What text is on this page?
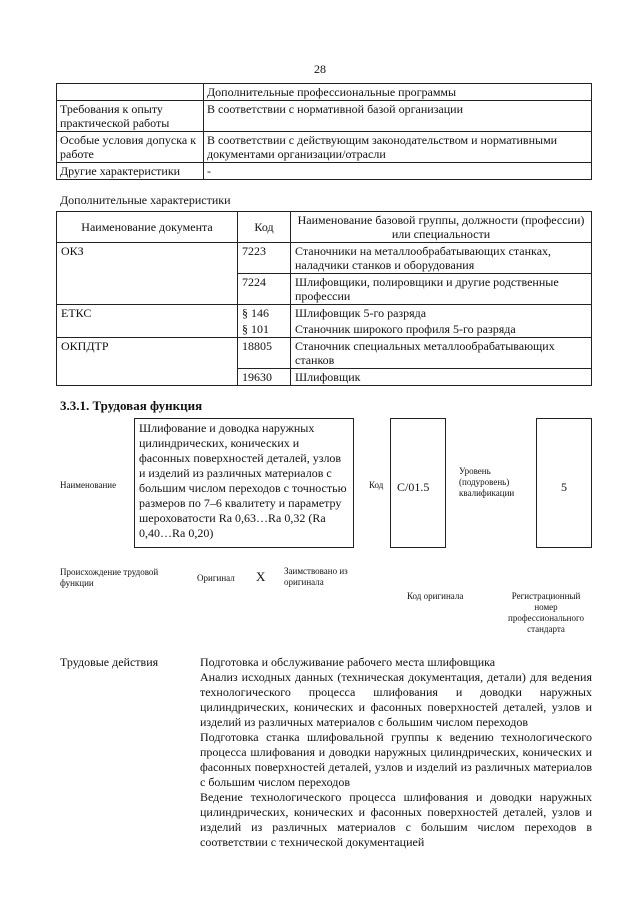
28
	Дополнительные профессиональные программы
Требования к опыту практической работы	В соответствии с нормативной базой организации
Особые условия допуска к работе	В соответствии с действующим законодательством и нормативными документами организации/отрасли
Другие характеристики	-
Дополнительные характеристики
Наименование документа	Код	Наименование базовой группы, должности (профессии) или специальности
ОКЗ	7223	Станочники на металлообрабатывающих станках, наладчики станков и оборудования
	7224	Шлифовщики, полировщики и другие родственные профессии
ЕТКС	§ 146	Шлифовщик 5-го разряда
	§ 101	Станочник широкого профиля 5-го разряда
ОКПДТР	18805	Станочник специальных металлообрабатывающих станков
	19630	Шлифовщик
3.3.1. Трудовая функция
Наименование
Шлифование и доводка наружных цилиндрических, конических и фасонных поверхностей деталей, узлов и изделий из различных материалов с большим числом переходов с точностью размеров по 7–6 квалитету и параметру шероховатости Ra 0,63…Ra 0,32 (Ra 0,40…Ra 0,20)
Код C/01.5
Уровень (подуровень) квалификации	5
Происхождение трудовой функции	Оригинал X Заимствовано из оригинала
Код оригинала	Регистрационный номер профессионального стандарта
Трудовые действия	Подготовка и обслуживание рабочего места шлифовщика

Анализ исходных данных (техническая документация, детали) для ведения технологического процесса шлифования и доводки наружных цилиндрических, конических и фасонных поверхностей деталей, узлов и изделий из различных материалов с большим числом переходов

Подготовка станка шлифовальной группы к ведению технологического процесса шлифования и доводки наружных цилиндрических, конических и фасонных поверхностей деталей, узлов и изделий из различных материалов с большим числом переходов

Ведение технологического процесса шлифования и доводки наружных цилиндрических, конических и фасонных поверхностей деталей, узлов и изделий из различных материалов с большим числом переходов в соответствии с технической документацией
